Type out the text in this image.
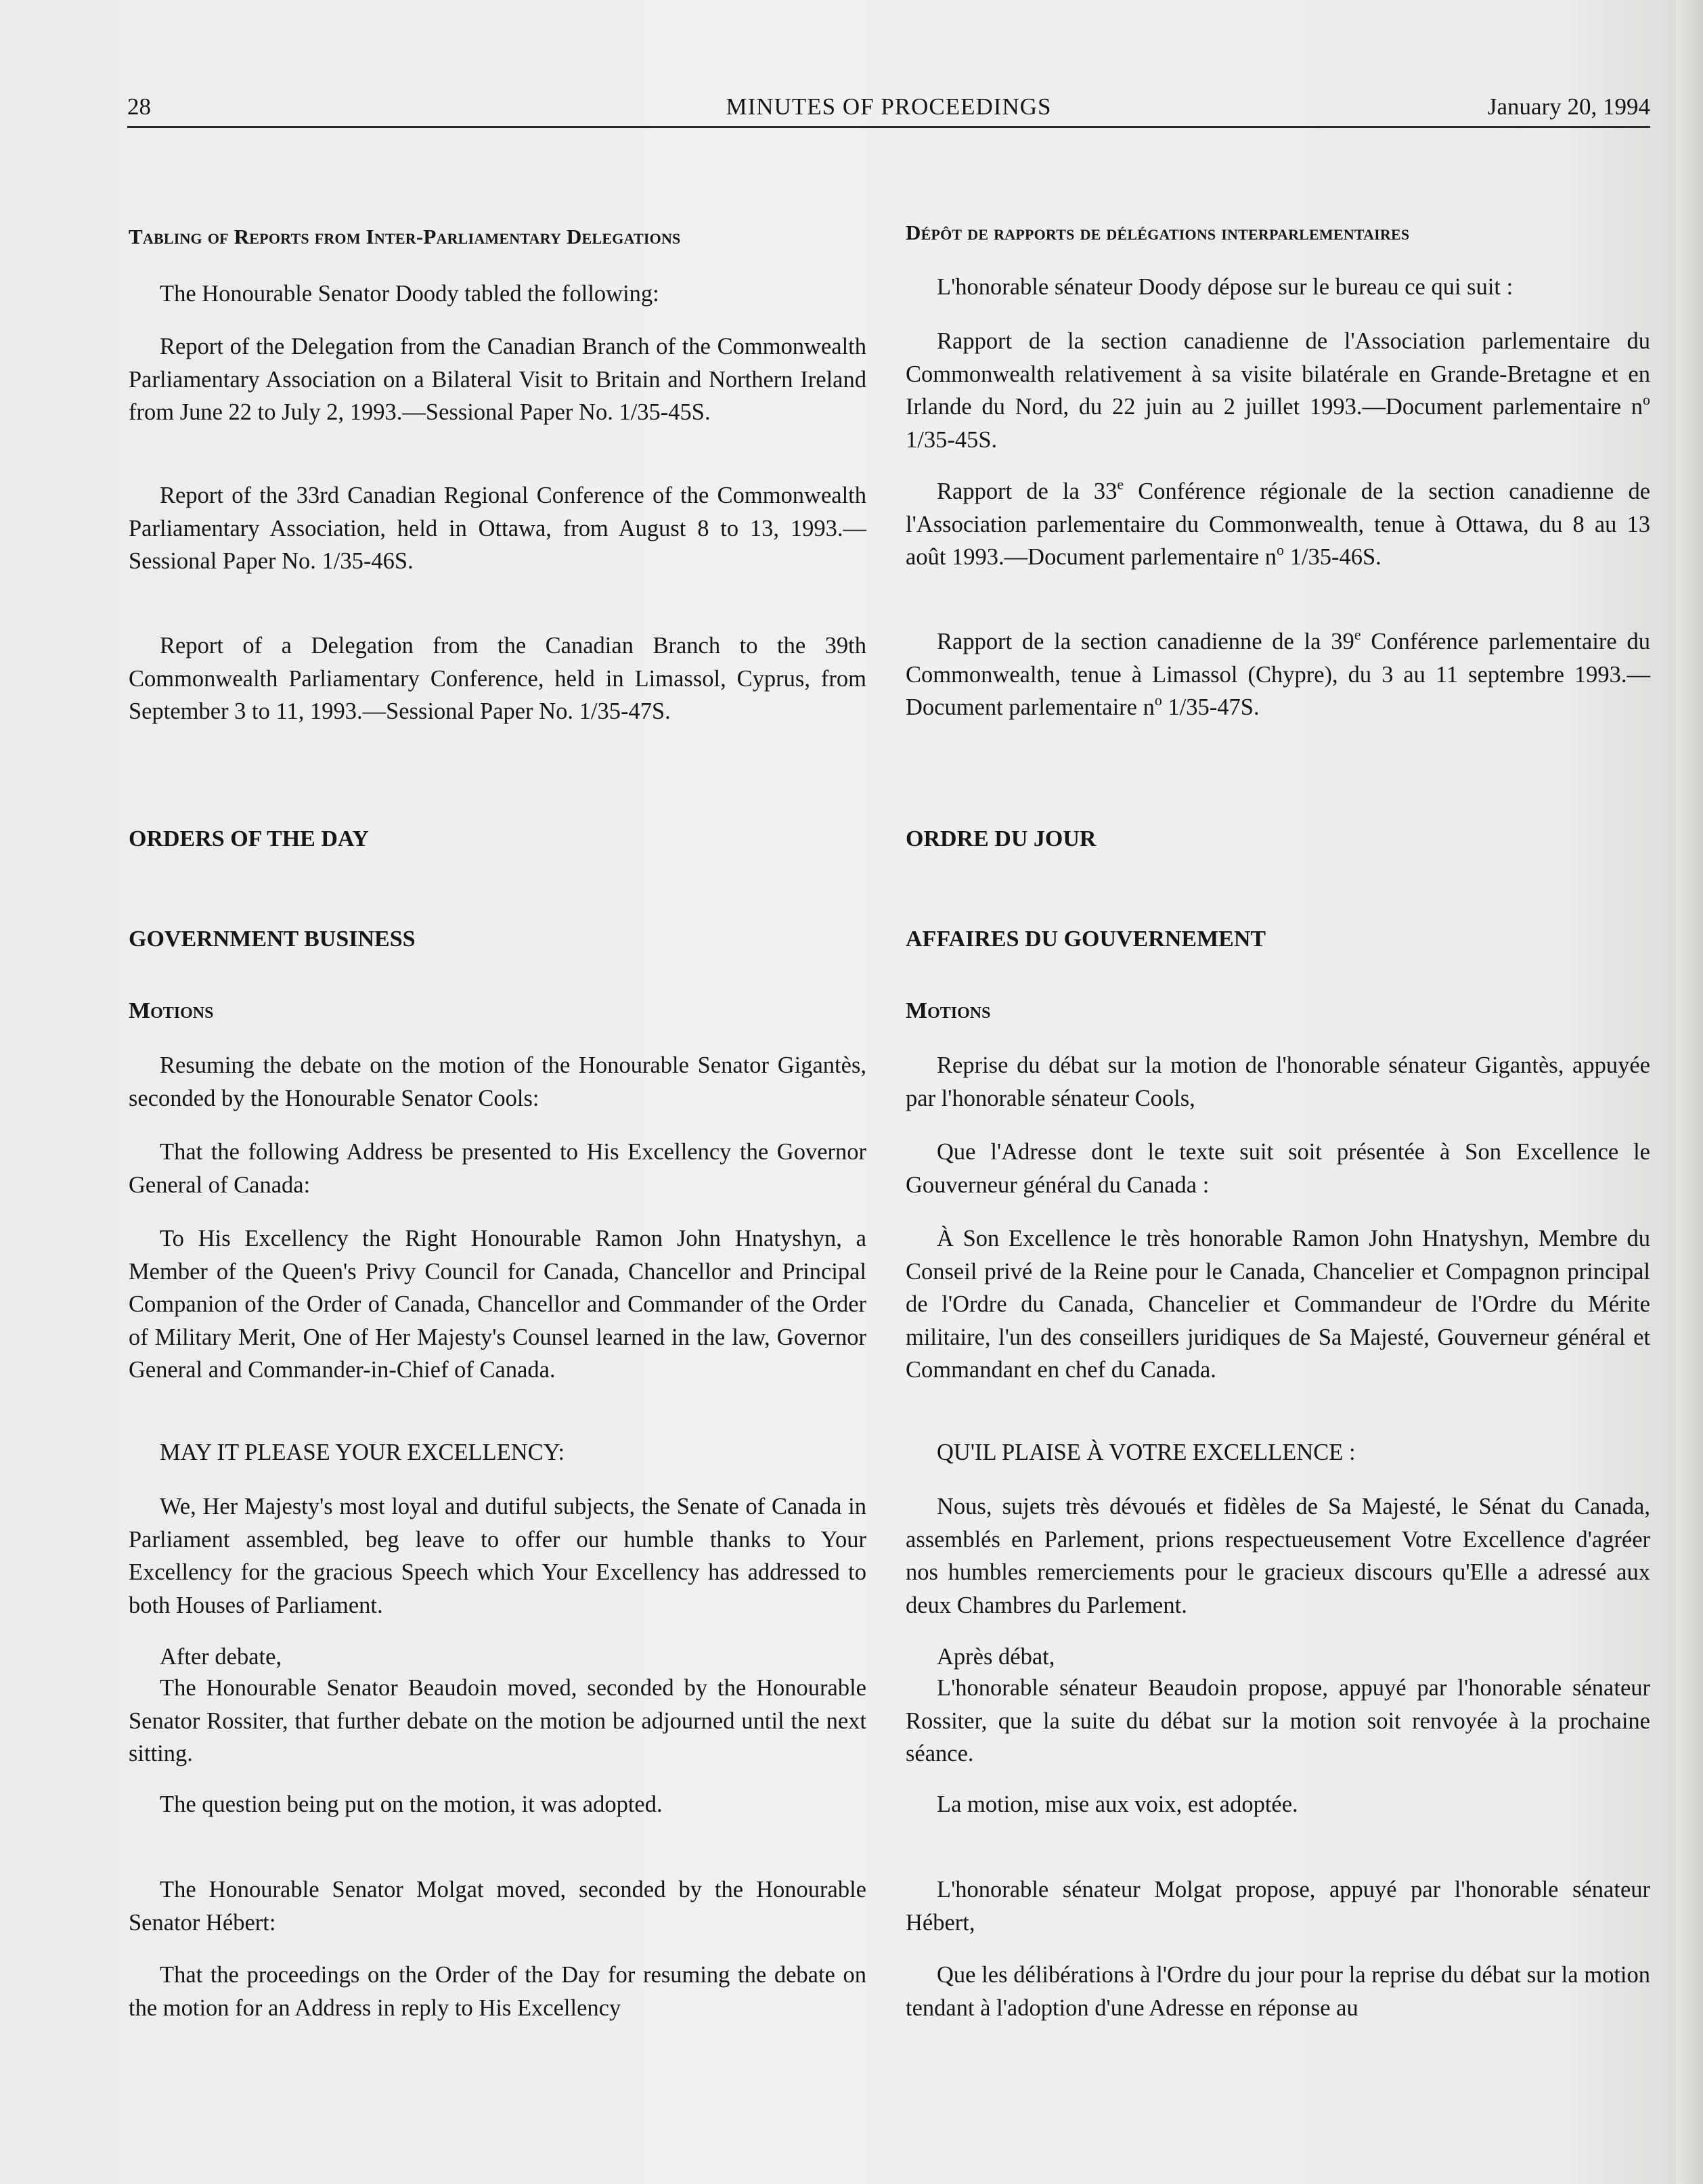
28	MINUTES OF PROCEEDINGS	January 20, 1994

Tabling of Reports from Inter-Parliamentary Delegations

The Honourable Senator Doody tabled the following:

Report of the Delegation from the Canadian Branch of the Commonwealth Parliamentary Association on a Bilateral Visit to Britain and Northern Ireland from June 22 to July 2, 1993.—Sessional Paper No. 1/35-45S.

Report of the 33rd Canadian Regional Conference of the Commonwealth Parliamentary Association, held in Ottawa, from August 8 to 13, 1993.—Sessional Paper No. 1/35-46S.

Report of a Delegation from the Canadian Branch to the 39th Commonwealth Parliamentary Conference, held in Limassol, Cyprus, from September 3 to 11, 1993.—Sessional Paper No. 1/35-47S.

ORDERS OF THE DAY

GOVERNMENT BUSINESS

Motions

Resuming the debate on the motion of the Honourable Senator Gigantès, seconded by the Honourable Senator Cools:

That the following Address be presented to His Excellency the Governor General of Canada:

To His Excellency the Right Honourable Ramon John Hnatyshyn, a Member of the Queen's Privy Council for Canada, Chancellor and Principal Companion of the Order of Canada, Chancellor and Commander of the Order of Military Merit, One of Her Majesty's Counsel learned in the law, Governor General and Commander-in-Chief of Canada.

MAY IT PLEASE YOUR EXCELLENCY:

We, Her Majesty's most loyal and dutiful subjects, the Senate of Canada in Parliament assembled, beg leave to offer our humble thanks to Your Excellency for the gracious Speech which Your Excellency has addressed to both Houses of Parliament.

After debate,

The Honourable Senator Beaudoin moved, seconded by the Honourable Senator Rossiter, that further debate on the motion be adjourned until the next sitting.

The question being put on the motion, it was adopted.

The Honourable Senator Molgat moved, seconded by the Honourable Senator Hébert:

That the proceedings on the Order of the Day for resuming the debate on the motion for an Address in reply to His Excellency

Dépôt de rapports de délégations interparlementaires

L'honorable sénateur Doody dépose sur le bureau ce qui suit :

Rapport de la section canadienne de l'Association parlementaire du Commonwealth relativement à sa visite bilatérale en Grande-Bretagne et en Irlande du Nord, du 22 juin au 2 juillet 1993.—Document parlementaire $n^o$ 1/35-45S.

Rapport de la 33e Conférence régionale de la section canadienne de l'Association parlementaire du Commonwealth, tenue à Ottawa, du 8 au 13 août 1993.—Document parlementaire $n^o$ 1/35-46S.

Rapport de la section canadienne de la 39e Conférence parlementaire du Commonwealth, tenue à Limassol (Chypre), du 3 au 11 septembre 1993.—Document parlementaire $n^o$ 1/35-47S.

ORDRE DU JOUR

AFFAIRES DU GOUVERNEMENT

Motions

Reprise du débat sur la motion de l'honorable sénateur Gigantès, appuyée par l'honorable sénateur Cools,

Que l'Adresse dont le texte suit soit présentée à Son Excellence le Gouverneur général du Canada :

À Son Excellence le très honorable Ramon John Hnatyshyn, Membre du Conseil privé de la Reine pour le Canada, Chancelier et Compagnon principal de l'Ordre du Canada, Chancelier et Commandeur de l'Ordre du Mérite militaire, l'un des conseillers juridiques de Sa Majesté, Gouverneur général et Commandant en chef du Canada.

QU'IL PLAISE À VOTRE EXCELLENCE :

Nous, sujets très dévoués et fidèles de Sa Majesté, le Sénat du Canada, assemblés en Parlement, prions respectueusement Votre Excellence d'agréer nos humbles remerciements pour le gracieux discours qu'Elle a adressé aux deux Chambres du Parlement.

Après débat,

L'honorable sénateur Beaudoin propose, appuyé par l'honorable sénateur Rossiter, que la suite du débat sur la motion soit renvoyée à la prochaine séance.

La motion, mise aux voix, est adoptée.

L'honorable sénateur Molgat propose, appuyé par l'honorable sénateur Hébert,

Que les délibérations à l'Ordre du jour pour la reprise du débat sur la motion tendant à l'adoption d'une Adresse en réponse au
